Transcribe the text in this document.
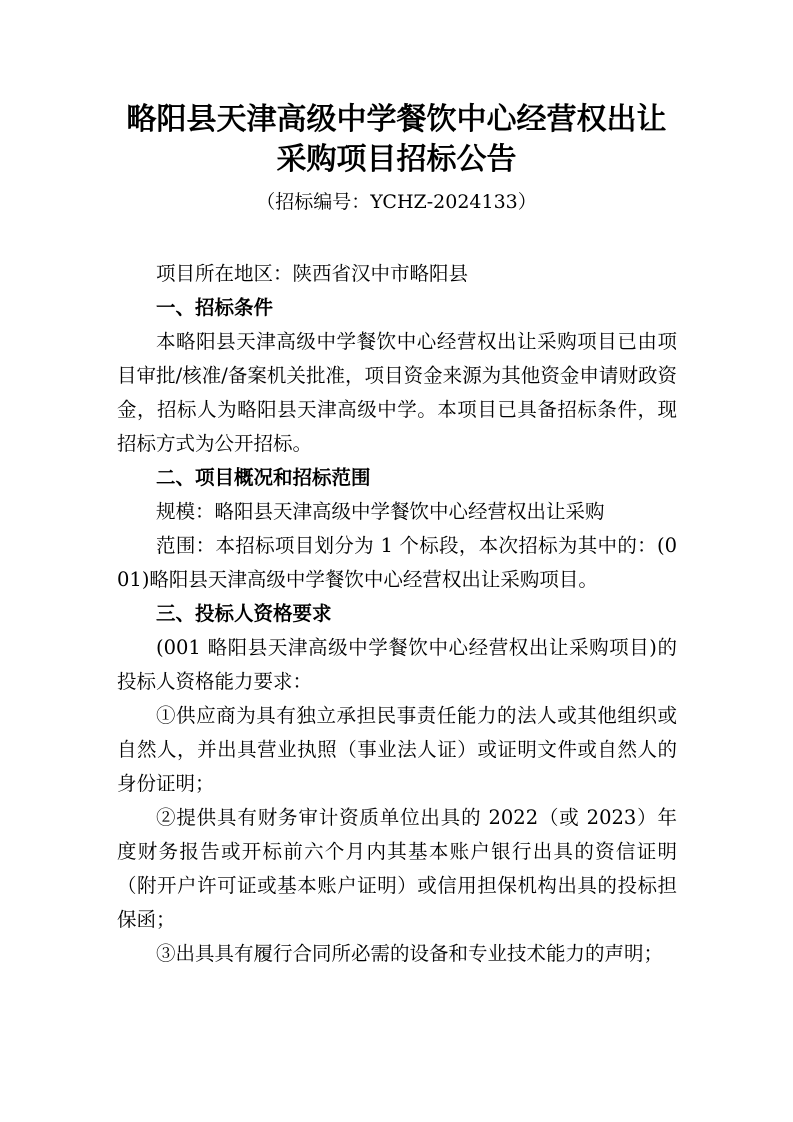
略阳县天津高级中学餐饮中心经营权出让
采购项目招标公告
（招标编号：YCHZ-2024133）

项目所在地区：陕西省汉中市略阳县

一、招标条件

本略阳县天津高级中学餐饮中心经营权出让采购项目已由项目审批/核准/备案机关批准，项目资金来源为其他资金申请财政资金，招标人为略阳县天津高级中学。本项目已具备招标条件，现招标方式为公开招标。

二、项目概况和招标范围

规模：略阳县天津高级中学餐饮中心经营权出让采购

范围：本招标项目划分为 1 个标段，本次招标为其中的：(001)略阳县天津高级中学餐饮中心经营权出让采购项目。

三、投标人资格要求

(001 略阳县天津高级中学餐饮中心经营权出让采购项目)的投标人资格能力要求：

①供应商为具有独立承担民事责任能力的法人或其他组织或自然人，并出具营业执照（事业法人证）或证明文件或自然人的身份证明；

②提供具有财务审计资质单位出具的 2022（或 2023）年度财务报告或开标前六个月内其基本账户银行出具的资信证明（附开户许可证或基本账户证明）或信用担保机构出具的投标担保函；

③出具具有履行合同所必需的设备和专业技术能力的声明；
